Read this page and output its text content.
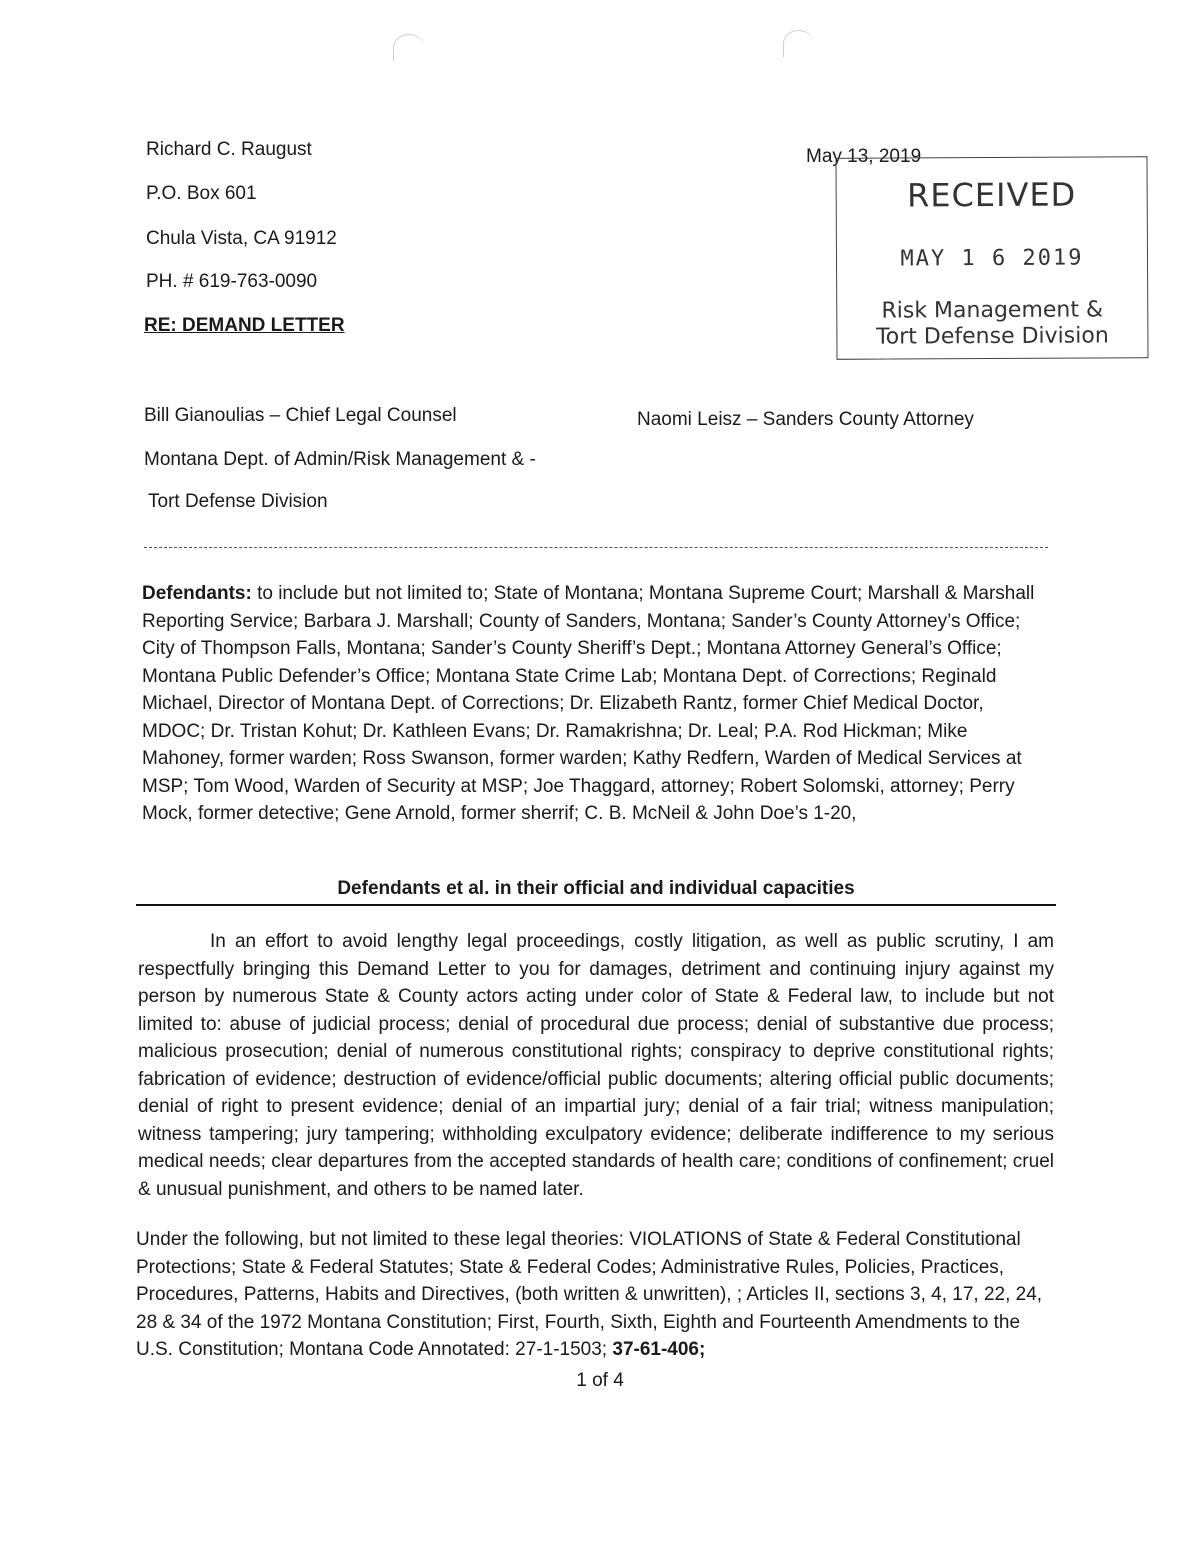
Richard C. Raugust
P.O. Box 601
Chula Vista, CA 91912
PH. # 619-763-0090
RE: DEMAND LETTER
May 13, 2019
RECEIVED
MAY 1 6 2019
Risk Management &
Tort Defense Division
Bill Gianoulias – Chief Legal Counsel
Montana Dept. of Admin/Risk Management & -
Tort Defense Division
Naomi Leisz – Sanders County Attorney
Defendants: to include but not limited to; State of Montana; Montana Supreme Court; Marshall & Marshall Reporting Service; Barbara J. Marshall; County of Sanders, Montana; Sander’s County Attorney’s Office; City of Thompson Falls, Montana; Sander’s County Sheriff’s Dept.; Montana Attorney General’s Office; Montana Public Defender’s Office; Montana State Crime Lab; Montana Dept. of Corrections; Reginald Michael, Director of Montana Dept. of Corrections; Dr. Elizabeth Rantz, former Chief Medical Doctor, MDOC; Dr. Tristan Kohut; Dr. Kathleen Evans; Dr. Ramakrishna; Dr. Leal; P.A. Rod Hickman; Mike Mahoney, former warden; Ross Swanson, former warden; Kathy Redfern, Warden of Medical Services at MSP; Tom Wood, Warden of Security at MSP; Joe Thaggard, attorney; Robert Solomski, attorney; Perry Mock, former detective; Gene Arnold, former sherrif; C. B. McNeil & John Doe’s 1-20,
Defendants et al. in their official and individual capacities
In an effort to avoid lengthy legal proceedings, costly litigation, as well as public scrutiny, I am respectfully bringing this Demand Letter to you for damages, detriment and continuing injury against my person by numerous State & County actors acting under color of State & Federal law, to include but not limited to: abuse of judicial process; denial of procedural due process; denial of substantive due process; malicious prosecution; denial of numerous constitutional rights; conspiracy to deprive constitutional rights; fabrication of evidence; destruction of evidence/official public documents; altering official public documents; denial of right to present evidence; denial of an impartial jury; denial of a fair trial; witness manipulation; witness tampering; jury tampering; withholding exculpatory evidence; deliberate indifference to my serious medical needs; clear departures from the accepted standards of health care; conditions of confinement; cruel & unusual punishment, and others to be named later.
Under the following, but not limited to these legal theories: VIOLATIONS of State & Federal Constitutional Protections; State & Federal Statutes; State & Federal Codes; Administrative Rules, Policies, Practices, Procedures, Patterns, Habits and Directives, (both written & unwritten), ; Articles II, sections 3, 4, 17, 22, 24, 28 & 34 of the 1972 Montana Constitution; First, Fourth, Sixth, Eighth and Fourteenth Amendments to the U.S. Constitution; Montana Code Annotated: 27-1-1503; 37-61-406;
1 of 4
